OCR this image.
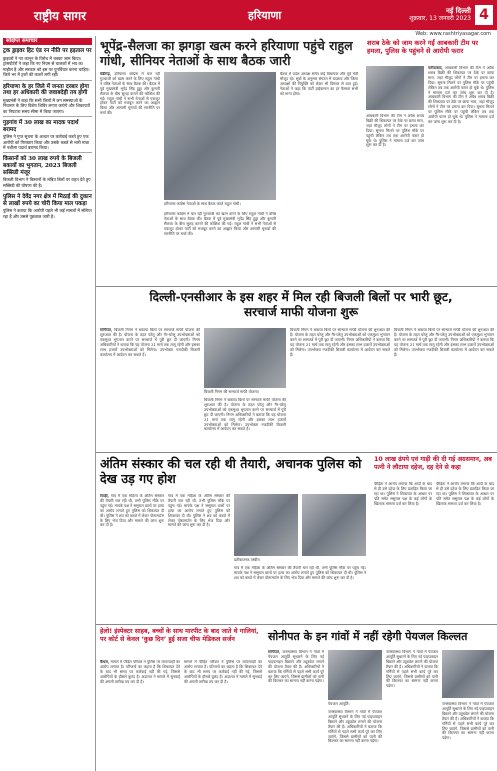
राष्ट्रीय सागर	हरियाणा	नई दिल्ली
शुक्रवार, 13 जनवरी 2023 4
Web: www.rashtriyasagar.com
संक्षिप्त समाचार
ट्रक ड्राइवर हिट एंड रन नीति पर हड़ताल पर
ड्राइवरों ने नए कानून के विरोध में चक्का जाम किया। ट्रांसपोर्टरों ने कहा कि नए नियम से चालकों में भय का माहौल है और सरकार को इस पर पुनर्विचार करना चाहिए। जिले भर में ट्रकों की कतारें लगी रहीं।
हरियाणा के हर जिले में जनता दरबार होगा तथा हर अधिकारी की जवाबदेही तय होगी
मुख्यमंत्री ने कहा कि सभी जिलों में जन समस्याओं के निवारण के लिए विशेष शिविर लगाए जाएंगे और शिकायतों का निपटारा समय सीमा में किया जाएगा।
गुड़गांव में 30 लाख का मादक पदार्थ बरामद
पुलिस ने गुप्त सूचना के आधार पर कार्रवाई करते हुए एक आरोपी को गिरफ्तार किया और उसके कब्जे से भारी मात्रा में नशीला पदार्थ बरामद किया।
किसानों को 30 लाख रुपये के बिजली बकायों का भुगतान, 2023 बिजली सब्सिडी मंजूर
बिजली विभाग ने किसानों के लंबित बिलों पर राहत देते हुए सब्सिडी की घोषणा की है।
पुलिस ने देवेंद्र नगर क्षेत्र में मिठाई की दुकान से लाखों रुपये का चोरी किया माल पकड़ा
पुलिस ने बताया कि आरोपी पहले भी कई मामलों में संलिप्त रहा है और उससे पूछताछ जारी है।
भूपेंद्र-सैलजा का झगड़ा खत्म करने हरियाणा पहुंचे राहुल गांधी, सीनियर नेताओं के साथ बैठक जारी
चंडीगढ़, हरियाणा कांग्रेस में चल रही गुटबाजी को खत्म करने के लिए राहुल गांधी ने वरिष्ठ नेताओं के साथ बैठक की। बैठक में पूर्व मुख्यमंत्री भूपेंद्र सिंह हुड्डा और कुमारी सैलजा के बीच सुलह कराने की कोशिश की गई। राहुल गांधी ने सभी नेताओं से एकजुट होकर पार्टी को मजबूत करने का आह्वान किया और आगामी चुनावों की रणनीति पर चर्चा की।
हरियाणा कांग्रेस नेताओं के साथ बैठक करते राहुल गांधी।
बैठक में प्रदेश अध्यक्ष समेत कई विधायक और पूर्व मंत्री मौजूद रहे। सूत्रों के अनुसार संगठन में बदलाव और जिला अध्यक्षों की नियुक्ति को लेकर भी विस्तार से बात हुई। नेताओं ने कहा कि पार्टी हाईकमान का हर फैसला सभी को मान्य होगा।
हरियाणा कांग्रेस में चल रही गुटबाजी को खत्म करने के लिए राहुल गांधी ने वरिष्ठ नेताओं के साथ बैठक की। बैठक में पूर्व मुख्यमंत्री भूपेंद्र सिंह हुड्डा और कुमारी सैलजा के बीच सुलह कराने की कोशिश की गई। राहुल गांधी ने सभी नेताओं से एकजुट होकर पार्टी को मजबूत करने का आह्वान किया और आगामी चुनावों की रणनीति पर चर्चा की।
शराब ठेके को जाम करने गईं आबकारी टीम पर हमला, पुलिस के पहुंचने से आरोपी फरार
फरीदाबाद, आबकारी विभाग की टीम ने अवैध शराब बिक्री की शिकायत पर ठेके पर छापा मारा, जहां मौजूद लोगों ने टीम पर हमला कर दिया। सूचना मिलने पर पुलिस मौके पर पहुंची लेकिन तब तक आरोपी फरार हो चुके थे। पुलिस ने मामला दर्ज कर जांच शुरू कर दी है। आबकारी विभाग की टीम ने अवैध शराब बिक्री की शिकायत पर ठेके पर छापा मारा, जहां मौजूद लोगों ने टीम पर हमला कर दिया। सूचना मिलने पर पुलिस मौके पर पहुंची लेकिन तब तक आरोपी फरार हो चुके थे। पुलिस ने मामला दर्ज कर जांच शुरू कर दी है।
आबकारी विभाग की टीम ने अवैध शराब बिक्री की शिकायत पर ठेके पर छापा मारा, जहां मौजूद लोगों ने टीम पर हमला कर दिया। सूचना मिलने पर पुलिस मौके पर पहुंची लेकिन तब तक आरोपी फरार हो चुके थे। पुलिस ने मामला दर्ज कर जांच शुरू कर दी है।
दिल्ली-एनसीआर के इस शहर में मिल रही बिजली बिलों पर भारी छूट, सरचार्ज माफी योजना शुरू
सोनीपत, बिजली निगम ने बकाया बिलों पर सरचार्ज माफी योजना की शुरुआत की है। योजना के तहत घरेलू और गैर-घरेलू उपभोक्ताओं को एकमुश्त भुगतान करने पर सरचार्ज में पूरी छूट दी जाएगी। निगम अधिकारियों ने बताया कि यह योजना 31 मार्च तक लागू रहेगी और इसका लाभ हजारों उपभोक्ताओं को मिलेगा। उपभोक्ता नजदीकी बिजली कार्यालय में आवेदन कर सकते हैं।
बिजली निगम की सरचार्ज माफी योजना।
बिजली निगम ने बकाया बिलों पर सरचार्ज माफी योजना की शुरुआत की है। योजना के तहत घरेलू और गैर-घरेलू उपभोक्ताओं को एकमुश्त भुगतान करने पर सरचार्ज में पूरी छूट दी जाएगी। निगम अधिकारियों ने बताया कि यह योजना 31 मार्च तक लागू रहेगी और इसका लाभ हजारों उपभोक्ताओं को मिलेगा। उपभोक्ता नजदीकी बिजली कार्यालय में आवेदन कर सकते हैं।
बिजली निगम ने बकाया बिलों पर सरचार्ज माफी योजना की शुरुआत की है। योजना के तहत घरेलू और गैर-घरेलू उपभोक्ताओं को एकमुश्त भुगतान करने पर सरचार्ज में पूरी छूट दी जाएगी। निगम अधिकारियों ने बताया कि यह योजना 31 मार्च तक लागू रहेगी और इसका लाभ हजारों उपभोक्ताओं को मिलेगा। उपभोक्ता नजदीकी बिजली कार्यालय में आवेदन कर सकते हैं।
बिजली निगम ने बकाया बिलों पर सरचार्ज माफी योजना की शुरुआत की है। योजना के तहत घरेलू और गैर-घरेलू उपभोक्ताओं को एकमुश्त भुगतान करने पर सरचार्ज में पूरी छूट दी जाएगी। निगम अधिकारियों ने बताया कि यह योजना 31 मार्च तक लागू रहेगी और इसका लाभ हजारों उपभोक्ताओं को मिलेगा। उपभोक्ता नजदीकी बिजली कार्यालय में आवेदन कर सकते हैं।
अंतिम संस्कार की चल रही थी तैयारी, अचानक पुलिस को देख उड़ गए होश
रेवाड़ी, गांव में एक महिला के अंतिम संस्कार की तैयारी चल रही थी, तभी पुलिस मौके पर पहुंच गई। मायके पक्ष ने ससुराल वालों पर हत्या का आरोप लगाते हुए पुलिस को शिकायत दी थी। पुलिस ने शव को कब्जे में लेकर पोस्टमार्टम के लिए भेज दिया और मामले की जांच शुरू कर दी है।
गांव में एक महिला के अंतिम संस्कार की तैयारी चल रही थी, तभी पुलिस मौके पर पहुंच गई। मायके पक्ष ने ससुराल वालों पर हत्या का आरोप लगाते हुए पुलिस को शिकायत दी थी। पुलिस ने शव को कब्जे में लेकर पोस्टमार्टम के लिए भेज दिया और मामले की जांच शुरू कर दी है।
प्रतीकात्मक तस्वीर।
गांव में एक महिला के अंतिम संस्कार की तैयारी चल रही थी, तभी पुलिस मौके पर पहुंच गई। मायके पक्ष ने ससुराल वालों पर हत्या का आरोप लगाते हुए पुलिस को शिकायत दी थी। पुलिस ने शव को कब्जे में लेकर पोस्टमार्टम के लिए भेज दिया और मामले की जांच शुरू कर दी है।
10 लाख ढंपये एवं गाड़ी की दी गई अग्रसमान, अब पत्नी ने लौटाया दहेज, दह देने से कहा
पीड़िता ने आरोप लगाया कि शादी के बाद से ही उसे दहेज के लिए प्रताड़ित किया जा रहा था। पुलिस ने शिकायत के आधार पर पति समेत ससुराल पक्ष के कई लोगों के खिलाफ मामला दर्ज कर लिया है।
पीड़िता ने आरोप लगाया कि शादी के बाद से ही उसे दहेज के लिए प्रताड़ित किया जा रहा था। पुलिस ने शिकायत के आधार पर पति समेत ससुराल पक्ष के कई लोगों के खिलाफ मामला दर्ज कर लिया है।
हेलो! इंस्पेक्टर साहब, बच्चों के साथ मारपीट के बाद जाते थे गालियां, पर कोर्ट से केवल ‘कुछ दिन’ हुई सजा चीफ मेडिकल सर्जन
कैथल, मामले में पीड़ित परिवार ने पुलिस पर लापरवाही का आरोप लगाया है। परिजनों का कहना है कि शिकायत देने के बाद भी समय पर कार्रवाई नहीं की गई, जिससे आरोपियों के हौसले बुलंद हैं। अदालत ने मामले में सुनवाई की अगली तारीख तय कर दी है।
मामले में पीड़ित परिवार ने पुलिस पर लापरवाही का आरोप लगाया है। परिजनों का कहना है कि शिकायत देने के बाद भी समय पर कार्रवाई नहीं की गई, जिससे आरोपियों के हौसले बुलंद हैं। अदालत ने मामले में सुनवाई की अगली तारीख तय कर दी है।
सोनीपत के इन गांवों में नहीं रहेगी पेयजल किल्लत
सोनीपत, जनस्वास्थ्य विभाग ने गांवों में पेयजल आपूर्ति सुधारने के लिए नई पाइपलाइन बिछाने और ट्यूबवेल लगाने की योजना तैयार की है। अधिकारियों ने बताया कि गर्मियों से पहले सभी कार्य पूरे कर लिए जाएंगे, जिससे ग्रामीणों को पानी की किल्लत का सामना नहीं करना पड़ेगा।
पेयजल आपूर्ति।
जनस्वास्थ्य विभाग ने गांवों में पेयजल आपूर्ति सुधारने के लिए नई पाइपलाइन बिछाने और ट्यूबवेल लगाने की योजना तैयार की है। अधिकारियों ने बताया कि गर्मियों से पहले सभी कार्य पूरे कर लिए जाएंगे, जिससे ग्रामीणों को पानी की किल्लत का सामना नहीं करना पड़ेगा।
जनस्वास्थ्य विभाग ने गांवों में पेयजल आपूर्ति सुधारने के लिए नई पाइपलाइन बिछाने और ट्यूबवेल लगाने की योजना तैयार की है। अधिकारियों ने बताया कि गर्मियों से पहले सभी कार्य पूरे कर लिए जाएंगे, जिससे ग्रामीणों को पानी की किल्लत का सामना नहीं करना पड़ेगा।
जनस्वास्थ्य विभाग ने गांवों में पेयजल आपूर्ति सुधारने के लिए नई पाइपलाइन बिछाने और ट्यूबवेल लगाने की योजना तैयार की है। अधिकारियों ने बताया कि गर्मियों से पहले सभी कार्य पूरे कर लिए जाएंगे, जिससे ग्रामीणों को पानी की किल्लत का सामना नहीं करना पड़ेगा।
